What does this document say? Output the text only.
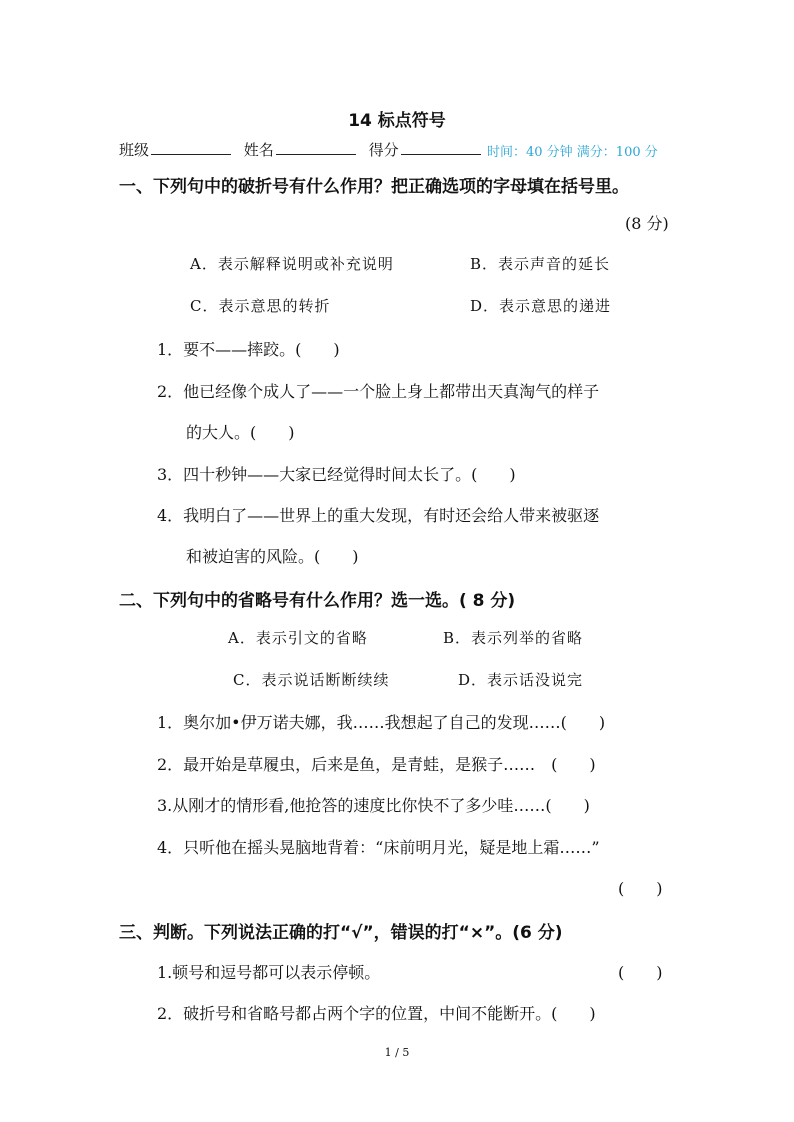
14 标点符号
班级	姓名	得分	时间：40 分钟 满分：100 分
一、下列句中的破折号有什么作用？把正确选项的字母填在括号里。
(8 分)
A．表示解释说明或补充说明	B．表示声音的延长
C．表示意思的转折	D．表示意思的递进
1．要不——摔跤。(　　)
2．他已经像个成人了——一个脸上身上都带出天真淘气的样子
的大人。(　　)
3．四十秒钟——大家已经觉得时间太长了。(　　)
4．我明白了——世界上的重大发现，有时还会给人带来被驱逐
和被迫害的风险。(　　)
二、下列句中的省略号有什么作用？选一选。( 8 分)
A．表示引文的省略	B．表示列举的省略
C．表示说话断断续续	D．表示话没说完
1．奥尔加•伊万诺夫娜，我……我想起了自己的发现……(　　)
2．最开始是草履虫，后来是鱼，是青蛙，是猴子……　(　　)
3.从刚才的情形看,他抢答的速度比你快不了多少哇……(　　)
4．只听他在摇头晃脑地背着：“床前明月光，疑是地上霜……”
(　　)
三、判断。下列说法正确的打“√”，错误的打“×”。(6 分)
1.顿号和逗号都可以表示停顿。	(　　)
2．破折号和省略号都占两个字的位置，中间不能断开。(　　)
1 / 5
